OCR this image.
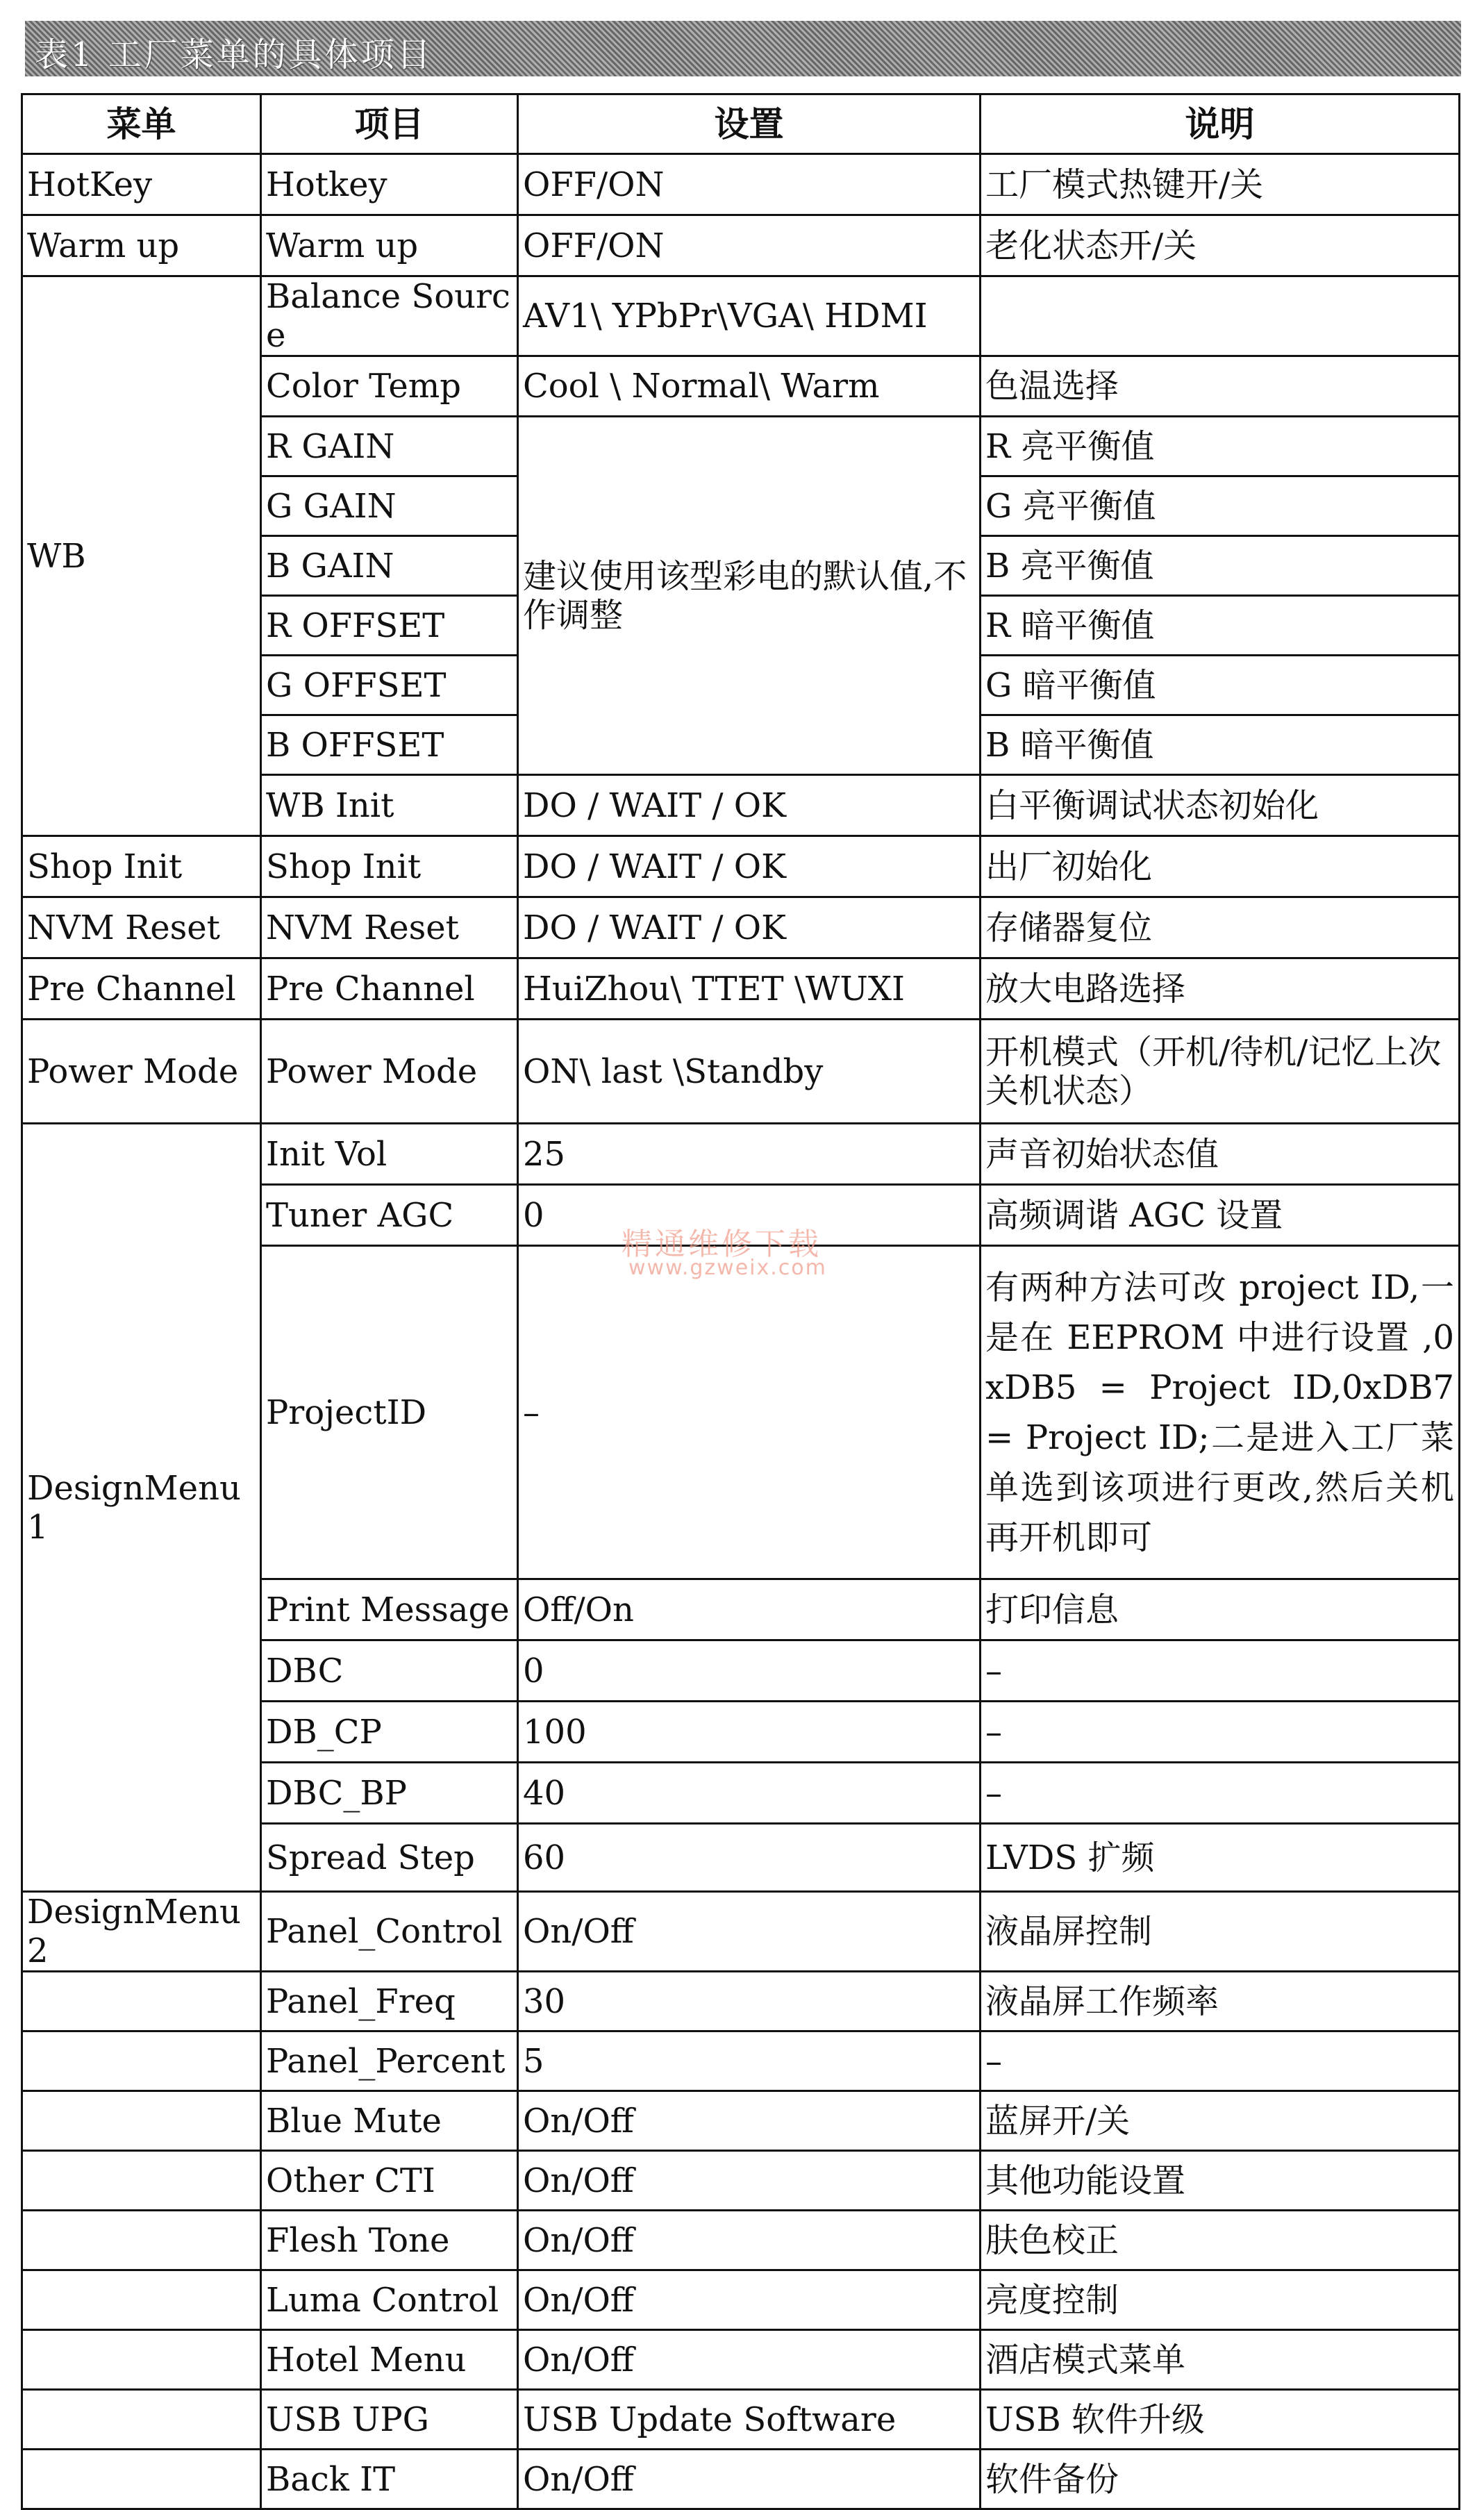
表1 工厂菜单的具体项目
菜单	项目	设置	说明
HotKey	Hotkey	OFF/ON	工厂模式热键开/关
Warm up	Warm up	OFF/ON	老化状态开/关
WB	Balance Source	AV1\ YPbPr\VGA\ HDMI	
	Color Temp	Cool \ Normal\ Warm	色温选择
	R GAIN	建议使用该型彩电的默认值,不作调整	R 亮平衡值
	G GAIN		G 亮平衡值
	B GAIN		B 亮平衡值
	R OFFSET		R 暗平衡值
	G OFFSET		G 暗平衡值
	B OFFSET		B 暗平衡值
	WB Init	DO / WAIT / OK	白平衡调试状态初始化
Shop Init	Shop Init	DO / WAIT / OK	出厂初始化
NVM Reset	NVM Reset	DO / WAIT / OK	存储器复位
Pre Channel	Pre Channel	HuiZhou\ TTET \WUXI	放大电路选择
Power Mode	Power Mode	ON\ last \Standby	开机模式（开机/待机/记忆上次关机状态）
DesignMenu1	Init Vol	25	声音初始状态值
	Tuner AGC	0	高频调谐 AGC 设置
	ProjectID	–	有两种方法可改 project ID,一是在 EEPROM 中进行设置 ,0xDB5 = Project ID,0xDB7 = Project ID;二是进入工厂菜单选到该项进行更改,然后关机再开机即可
	Print Message	Off/On	打印信息
	DBC	0	–
	DB_CP	100	–
	DBC_BP	40	–
	Spread Step	60	LVDS 扩频
DesignMenu2	Panel_Control	On/Off	液晶屏控制
	Panel_Freq	30	液晶屏工作频率
	Panel_Percent	5	–
	Blue Mute	On/Off	蓝屏开/关
	Other CTI	On/Off	其他功能设置
	Flesh Tone	On/Off	肤色校正
	Luma Control	On/Off	亮度控制
	Hotel Menu	On/Off	酒店模式菜单
	USB UPG	USB Update Software	USB 软件升级
	Back IT	On/Off	软件备份
精通维修下载
www.gzweix.com
